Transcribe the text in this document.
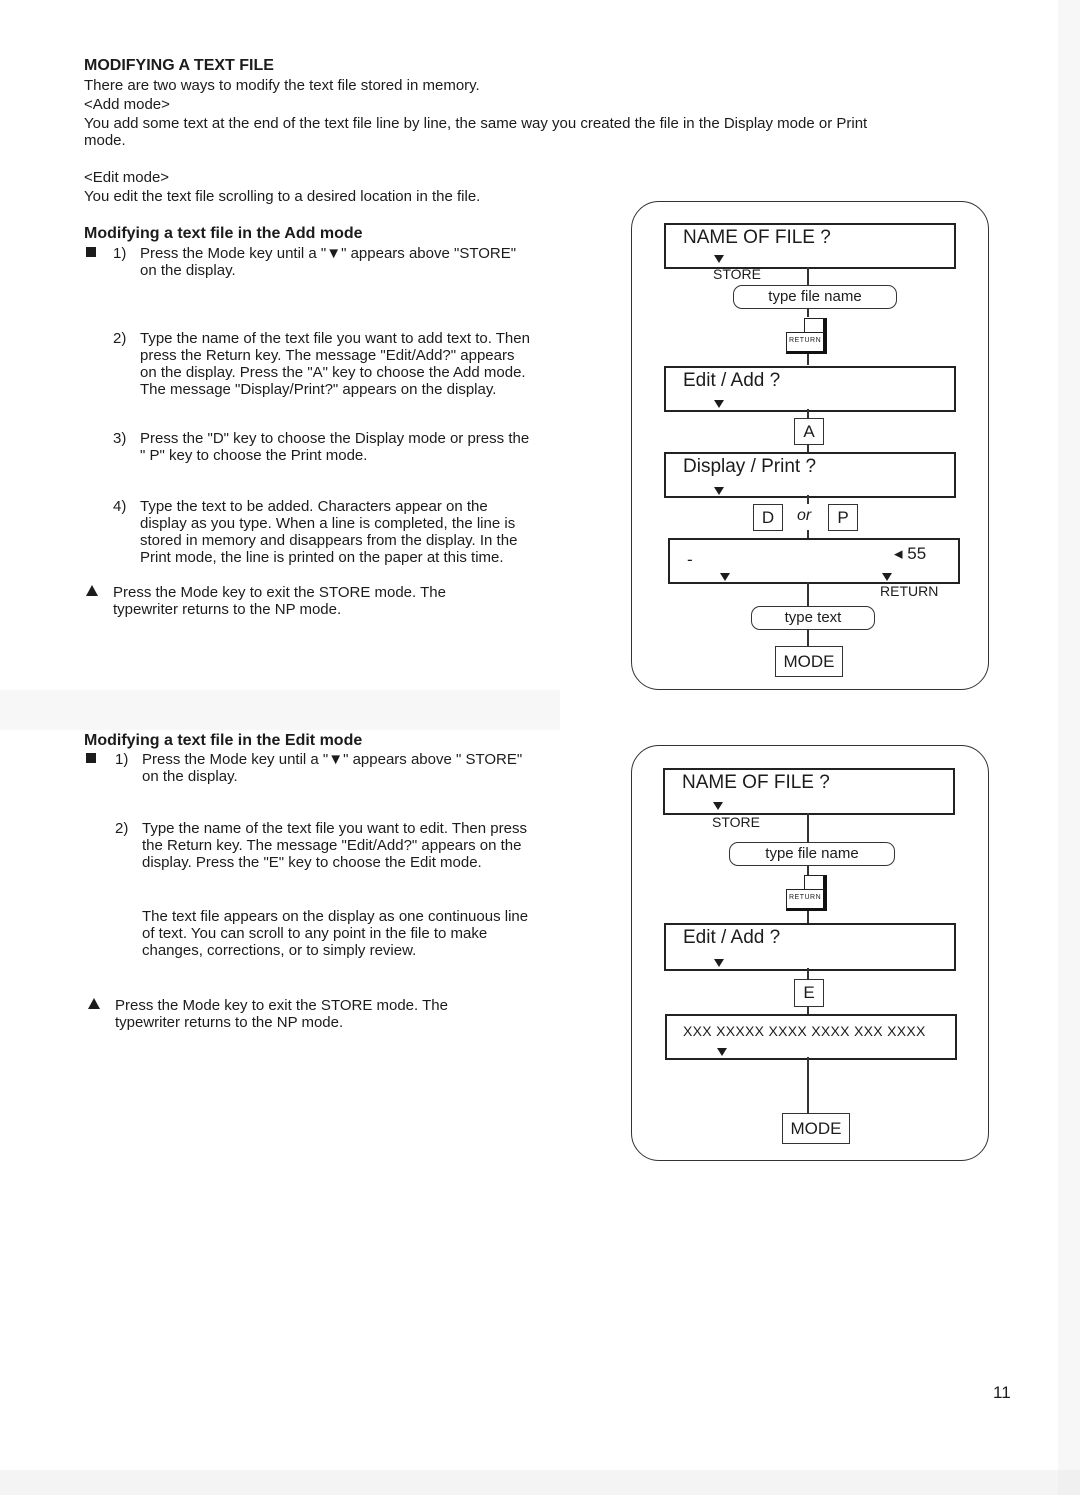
MODIFYING A TEXT FILE
There are two ways to modify the text file stored in memory.
<Add mode>
You add some text at the end of the text file line by line, the same way you created the file in the Display mode or Print
mode.
<Edit mode>
You edit the text file scrolling to a desired location in the file.
Modifying a text file in the Add mode
1) Press the Mode key until a "▼" appears above "STORE"
on the display.
2) Type the name of the text file you want to add text to. Then
press the Return key. The message "Edit/Add?" appears
on the display. Press the "A" key to choose the Add mode.
The message "Display/Print?" appears on the display.
3) Press the "D" key to choose the Display mode or press the
" P" key to choose the Print mode.
4) Type the text to be added. Characters appear on the
display as you type. When a line is completed, the line is
stored in memory and disappears from the display. In the
Print mode, the line is printed on the paper at this time.
Press the Mode key to exit the STORE mode. The
typewriter returns to the NP mode.
Modifying a text file in the Edit mode
1) Press the Mode key until a "▼" appears above " STORE"
on the display.
2) Type the name of the text file you want to edit. Then press
the Return key. The message "Edit/Add?" appears on the
display. Press the "E" key to choose the Edit mode.
The text file appears on the display as one continuous line
of text. You can scroll to any point in the file to make
changes, corrections, or to simply review.
Press the Mode key to exit the STORE mode. The
typewriter returns to the NP mode.
NAME OF FILE ?
STORE
type file name
RETURN
Edit / Add ?
A
Display / Print ?
D	or	P
-	◂ 55
RETURN
type text
MODE
NAME OF FILE ?
STORE
type file name
RETURN
Edit / Add ?
E
XXX XXXXX XXXX XXXX XXX XXXX
MODE
11
